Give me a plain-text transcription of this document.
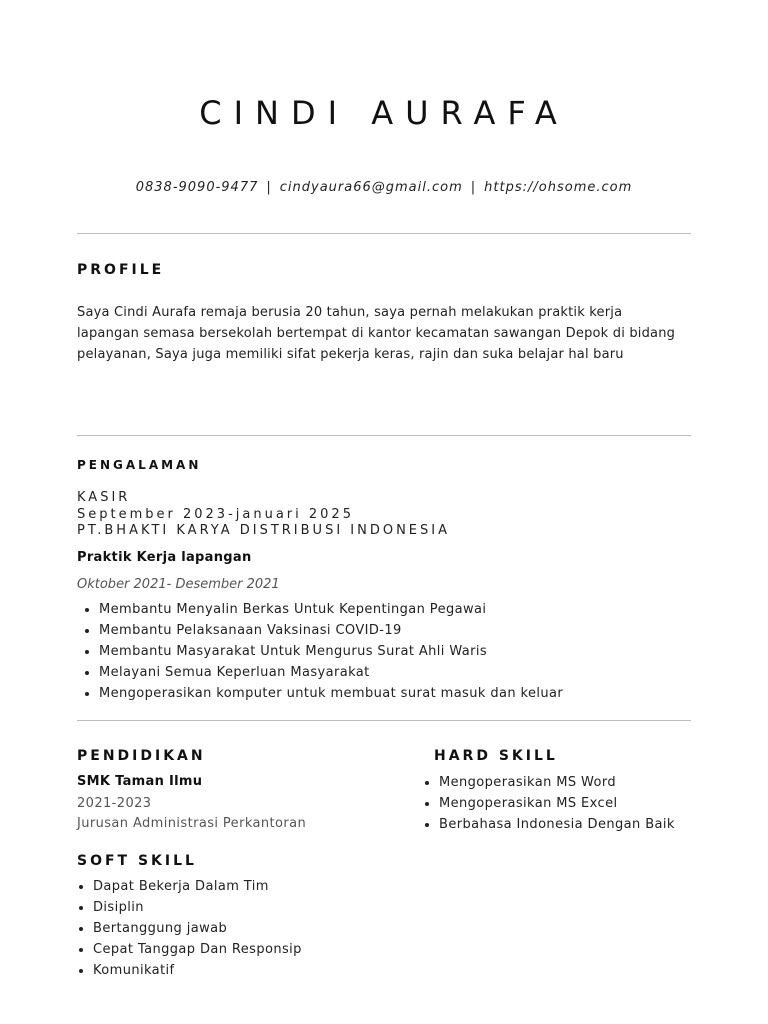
CINDI AURAFA
0838-9090-9477 | cindyaura66@gmail.com | https://ohsome.com
PROFILE

Saya Cindi Aurafa remaja berusia 20 tahun, saya pernah melakukan praktik kerja lapangan semasa bersekolah bertempat di kantor kecamatan sawangan Depok di bidang pelayanan, Saya juga memiliki sifat pekerja keras, rajin dan suka belajar hal baru

PENGALAMAN
KASIR
September 2023-januari 2025
PT.BHAKTI KARYA DISTRIBUSI INDONESIA
Praktik Kerja lapangan
Oktober 2021- Desember 2021
• Membantu Menyalin Berkas Untuk Kepentingan Pegawai
• Membantu Pelaksanaan Vaksinasi COVID-19
• Membantu Masyarakat Untuk Mengurus Surat Ahli Waris
• Melayani Semua Keperluan Masyarakat
• Mengoperasikan komputer untuk membuat surat masuk dan keluar
PENDIDIKAN
SMK Taman Ilmu
2021-2023
Jurusan Administrasi Perkantoran
SOFT SKILL
• Dapat Bekerja Dalam Tim
• Disiplin
• Bertanggung jawab
• Cepat Tanggap Dan Responsip
• Komunikatif
HARD SKILL
• Mengoperasikan MS Word
• Mengoperasikan MS Excel
• Berbahasa Indonesia Dengan Baik
